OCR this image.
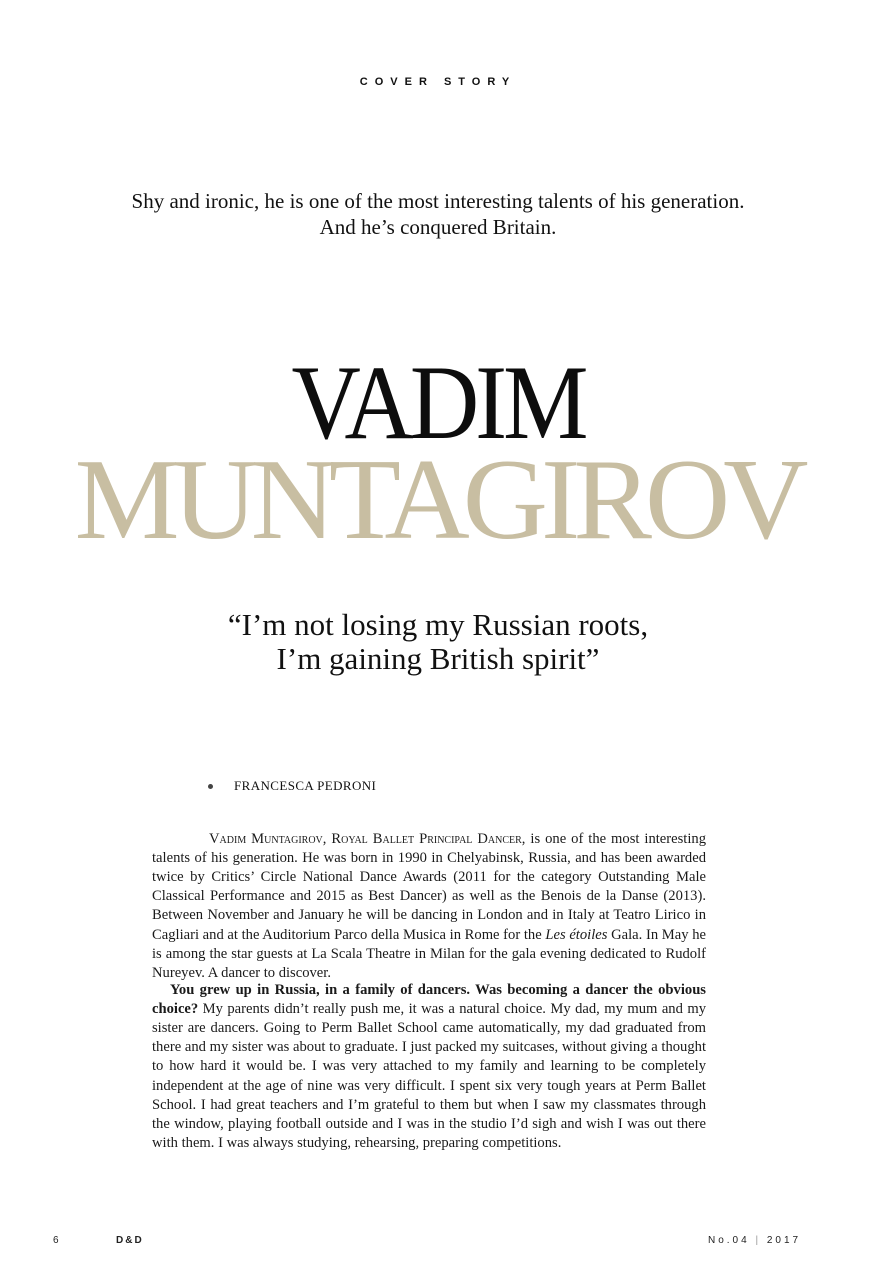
COVER STORY
Shy and ironic, he is one of the most interesting talents of his generation.
And he’s conquered Britain.
VADIM
MUNTAGIROV
“I’m not losing my Russian roots,
I’m gaining British spirit”
FRANCESCA PEDRONI

Vadim Muntagirov, Royal Ballet Principal Dancer, is one of the most interesting talents of his generation. He was born in 1990 in Chelyabinsk, Russia, and has been awarded twice by Critics’ Circle National Dance Awards (2011 for the category Outstanding Male Classical Performance and 2015 as Best Dancer) as well as the Benois de la Danse (2013). Between November and January he will be dancing in London and in Italy at Teatro Lirico in Cagliari and at the Auditorium Parco della Musica in Rome for the Les étoiles Gala. In May he is among the star guests at La Scala Theatre in Milan for the gala evening dedicated to Rudolf Nureyev. A dancer to discover.

You grew up in Russia, in a family of dancers. Was becoming a dancer the obvious choice? My parents didn’t really push me, it was a natural choice. My dad, my mum and my sister are dancers. Going to Perm Ballet School came automatically, my dad graduated from there and my sister was about to graduate. I just packed my suitcases, without giving a thought to how hard it would be. I was very attached to my family and learning to be completely independent at the age of nine was very difficult. I spent six very tough years at Perm Ballet School. I had great teachers and I’m grateful to them but when I saw my classmates through the window, playing football outside and I was in the studio I’d sigh and wish I was out there with them. I was always studying, rehearsing, preparing competitions.

6	D&D	No.04 | 2017
